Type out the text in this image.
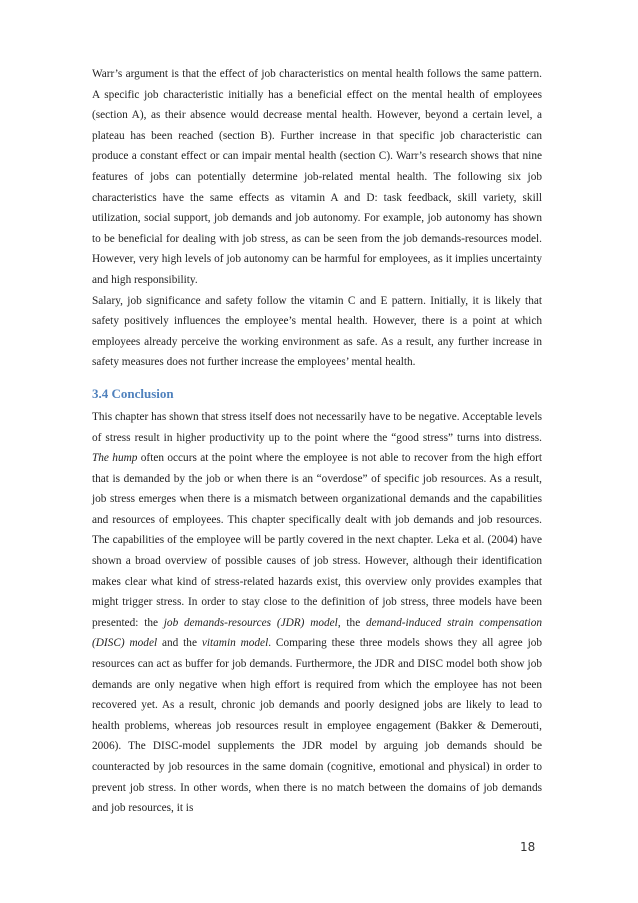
Warr’s argument is that the effect of job characteristics on mental health follows the same pattern. A specific job characteristic initially has a beneficial effect on the mental health of employees (section A), as their absence would decrease mental health. However, beyond a certain level, a plateau has been reached (section B). Further increase in that specific job characteristic can produce a constant effect or can impair mental health (section C). Warr’s research shows that nine features of jobs can potentially determine job-related mental health. The following six job characteristics have the same effects as vitamin A and D: task feedback, skill variety, skill utilization, social support, job demands and job autonomy. For example, job autonomy has shown to be beneficial for dealing with job stress, as can be seen from the job demands-resources model. However, very high levels of job autonomy can be harmful for employees, as it implies uncertainty and high responsibility.

Salary, job significance and safety follow the vitamin C and E pattern. Initially, it is likely that safety positively influences the employee’s mental health. However, there is a point at which employees already perceive the working environment as safe. As a result, any further increase in safety measures does not further increase the employees’ mental health.

3.4 Conclusion

This chapter has shown that stress itself does not necessarily have to be negative. Acceptable levels of stress result in higher productivity up to the point where the “good stress” turns into distress. The hump often occurs at the point where the employee is not able to recover from the high effort that is demanded by the job or when there is an “overdose” of specific job resources. As a result, job stress emerges when there is a mismatch between organizational demands and the capabilities and resources of employees. This chapter specifically dealt with job demands and job resources. The capabilities of the employee will be partly covered in the next chapter. Leka et al. (2004) have shown a broad overview of possible causes of job stress. However, although their identification makes clear what kind of stress-related hazards exist, this overview only provides examples that might trigger stress. In order to stay close to the definition of job stress, three models have been presented: the job demands-resources (JDR) model, the demand-induced strain compensation (DISC) model and the vitamin model. Comparing these three models shows they all agree job resources can act as buffer for job demands. Furthermore, the JDR and DISC model both show job demands are only negative when high effort is required from which the employee has not been recovered yet. As a result, chronic job demands and poorly designed jobs are likely to lead to health problems, whereas job resources result in employee engagement (Bakker & Demerouti, 2006). The DISC-model supplements the JDR model by arguing job demands should be counteracted by job resources in the same domain (cognitive, emotional and physical) in order to prevent job stress. In other words, when there is no match between the domains of job demands and job resources, it is

18
